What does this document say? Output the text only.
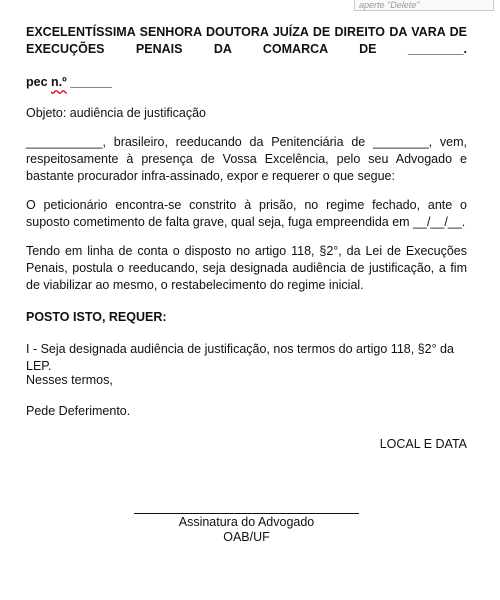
aperte "Delete"

EXCELENTÍSSIMA SENHORA DOUTORA JUÍZA DE DIREITO DA VARA DE EXECUÇÕES PENAIS DA COMARCA DE ________.

pec n.º ______

Objeto: audiência de justificação

___________, brasileiro, reeducando da Penitenciária de ________, vem, respeitosamente à presença de Vossa Excelência, pelo seu Advogado e bastante procurador infra-assinado, expor e requerer o que segue:

O peticionário encontra-se constrito à prisão, no regime fechado, ante o suposto cometimento de falta grave, qual seja, fuga empreendida em __/__/__.

Tendo em linha de conta o disposto no artigo 118, §2°, da Lei de Execuções Penais, postula o reeducando, seja designada audiência de justificação, a fim de viabilizar ao mesmo, o restabelecimento do regime inicial.

POSTO ISTO, REQUER:

I - Seja designada audiência de justificação, nos termos do artigo 118, §2° da LEP.

Nesses termos,

Pede Deferimento.

LOCAL E DATA
Assinatura do Advogado
OAB/UF
